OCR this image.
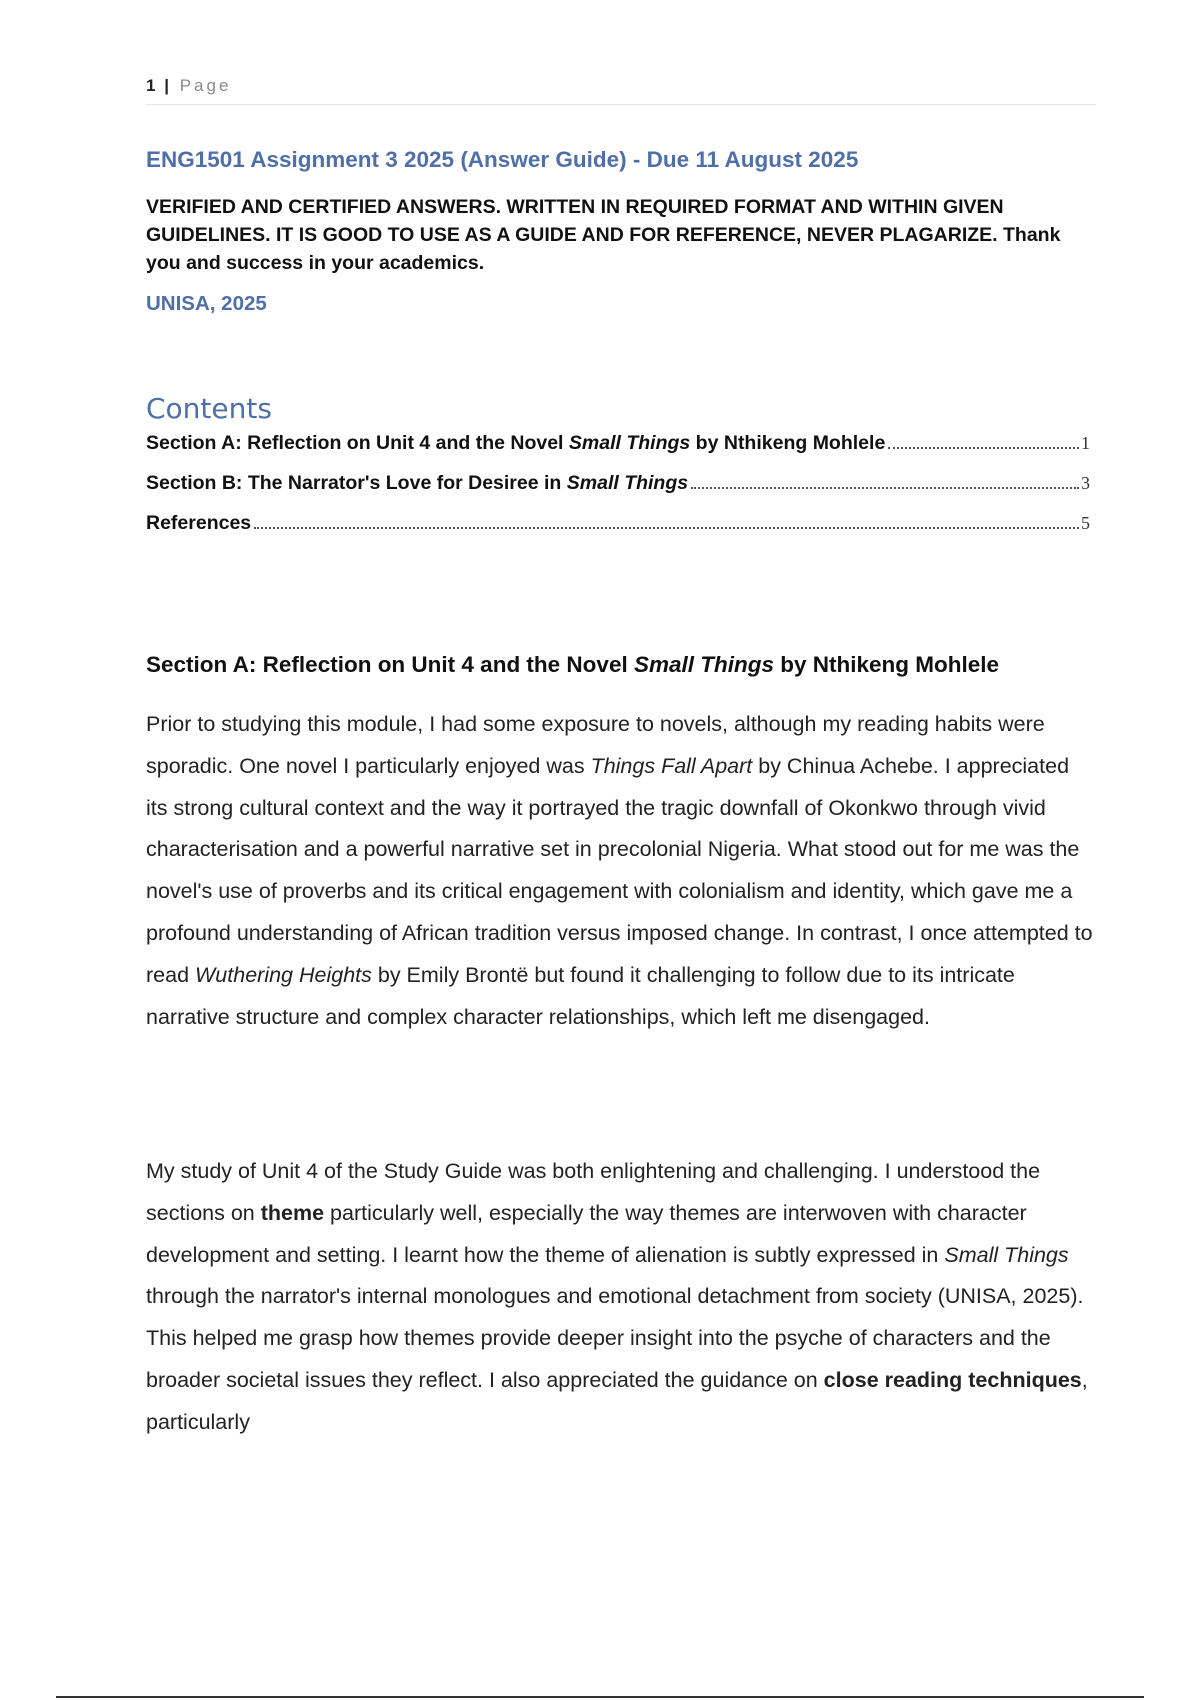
1 | Page
ENG1501 Assignment 3 2025 (Answer Guide) - Due 11 August 2025
VERIFIED AND CERTIFIED ANSWERS. WRITTEN IN REQUIRED FORMAT AND WITHIN GIVEN GUIDELINES. IT IS GOOD TO USE AS A GUIDE AND FOR REFERENCE, NEVER PLAGARIZE. Thank you and success in your academics.
UNISA, 2025
Contents
Section A: Reflection on Unit 4 and the Novel Small Things by Nthikeng Mohlele	1
Section B: The Narrator's Love for Desiree in Small Things	3
References	5
Section A: Reflection on Unit 4 and the Novel Small Things by Nthikeng Mohlele
Prior to studying this module, I had some exposure to novels, although my reading habits were sporadic. One novel I particularly enjoyed was Things Fall Apart by Chinua Achebe. I appreciated its strong cultural context and the way it portrayed the tragic downfall of Okonkwo through vivid characterisation and a powerful narrative set in precolonial Nigeria. What stood out for me was the novel's use of proverbs and its critical engagement with colonialism and identity, which gave me a profound understanding of African tradition versus imposed change. In contrast, I once attempted to read Wuthering Heights by Emily Brontë but found it challenging to follow due to its intricate narrative structure and complex character relationships, which left me disengaged.
My study of Unit 4 of the Study Guide was both enlightening and challenging. I understood the sections on theme particularly well, especially the way themes are interwoven with character development and setting. I learnt how the theme of alienation is subtly expressed in Small Things through the narrator's internal monologues and emotional detachment from society (UNISA, 2025). This helped me grasp how themes provide deeper insight into the psyche of characters and the broader societal issues they reflect. I also appreciated the guidance on close reading techniques, particularly
